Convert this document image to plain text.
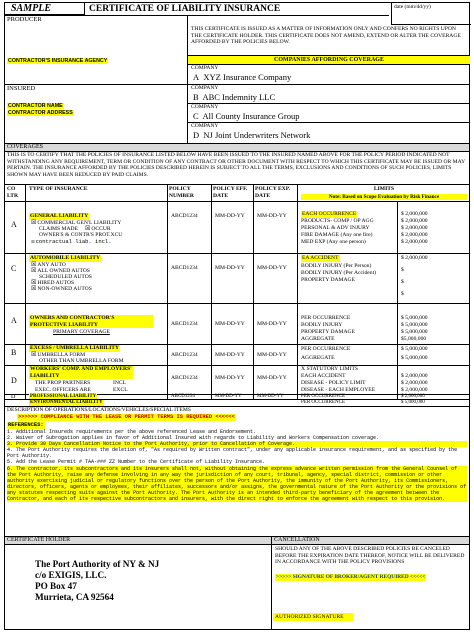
SAMPLE	CERTIFICATE OF LIABILITY INSURANCE	date (mm/dd/yy)
PRODUCER
CONTRACTOR'S INSURANCE AGENCY
THIS CERTIFICATE IS ISSUED AS A MATTER OF INFORMATION ONLY AND CONFERS NO RIGHTS UPON THE CERTIFICATE HOLDER. THIS CERTIFICATE DOES NOT AMEND, EXTEND OR ALTER THE COVERAGE AFFORDED BY THE POLICIES BELOW.
COMPANIES AFFORDING COVERAGE
COMPANY
A XYZ Insurance Company
INSURED
CONTRACTOR NAME
CONTRACTOR ADDRESS
COMPANY
B ABC Indemnity LLC
COMPANY
C All County Insurance Group
COMPANY
D NJ Joint Underwriters Network
COVERAGES
THIS IS TO CERTIFY THAT THE POLICIES OF INSURANCE LISTED BELOW HAVE BEEN ISSUED TO THE INSURED NAMED ABOVE FOR THE POLICY PERIOD INDICATED NOT WITHSTANDING ANY REQUIREMENT, TERM OR CONDITION OF ANY CONTRACT OR OTHER DOCUMENT WITH RESPECT TO WHICH THIS CERTIFICATE MAY BE ISSUED OR MAY PERTAIN. THE INSURANCE AFFORDED BY THE POLICIES DESCRIBED HEREIN IS SUBJECT TO ALL THE TERMS, EXCLUSIONS AND CONDITIONS OF SUCH POLICIES, LIMITS SHOWN MAY HAVE BEEN REDUCED BY PAID CLAIMS.
CO LTR
TYPE OF INSURANCE	POLICY NUMBER
POLICY EFF. DATE
POLICY EXP. DATE
LIMITS
Note: Based on Scope Evaluation by Risk Finance
A
GENERAL LIABILITY
☒ COMMERCIAL GEN'L LIABILITY
CLAIMS MADE
☒	OCCUR
OWNER'S & CONTR'S PROT.XCU
☒ contractual liab. incl.
ABCD1234	MM-DD-YY MM-DD-YY	EACH OCCURRENCE
PRODUCTS- COMP / OP AGG
PERSONAL & ADV INJURY
FIRE DAMAGE (Any one fire)
MED EXP (Any one person)
$ 2,000,000
$ 2,000,000
$ 2,000,000
$ 2,000,000
$ 2,000,000
C
AUTOMOBILE LIABILITY
☒ ANY AUTO
☒ ALL OWNED AUTOS
SCHEDULED AUTOS
☒ HIRED AUTOS
☒ NON-OWNED AUTOS
ABCD1234	MM-DD-YY MM-DD-YY
EA ACCIDENT
BODILY INJURY (Per Person)
BODILY INJURY (Per Accident)
PROPERTY DAMAGE
$ 2,000,000
$
$
$
A OWNERS AND CONTRACTOR'S PROTECTIVE LIABILITY
PRIMARY COVERAGE
ABCD1234	MM-DD-YY MM-DD-YY
PER OCCURRENCE
BODILY INJURY
PROPERTY DAMAGE
AGGREGATE
$ 5,000,000
$ 5,000,000
$ 5,000,000
$5,000,000
B EXCESS / UMBRELLA LIABILITY
☒ UMBRELLA FORM
OTHER THAN UMBRELLA FORM
ABCD1234	MM-DD-YY MM-DD-YY
PER OCCURRENCE
AGGREGATE
$ 5,000,000
$ 5,000,000
D
WORKERS' COMP. AND EMPLOYERS' LIABILITY
THE PROP PARTNERS	INCL
EXEC. OFFICERS ARE	EXCL
ABCD1234	MM-DD-YY MM-DD-YY
X STATUTORY LIMITS
EACH ACCIDENT
DISEASE - POLICY LIMIT
DISEASE - EACH EMPLOYEE
$ 2,000,000
$ 2,000,000
$ 2,000,000
D	PROFESSIONAL LIABILITY	ABCD1234	MM-DD-YY	MM-DD-YY	PER OCCURRENCE	$ 2,000,000
ENVIRONMENTAL LIABILITY	PER OCCURRENCE	$ 5,000,000
DESCRIPTION OF OPERATIONS/LOCATIONS/VEHICLES/SPECIAL ITEMS
>>>>>> COMPLIANCE WITH THE LEASE OR PERMIT TERMS IS REQUIRED <<<<<<
REFERENCES:

1. Additional Insureds requirements per the above referenced Lease and Endorsement.

2. Waiver of Subrogation applies in favor of Additional Insured with regards to Liability and Workers Compensation coverage.

3. Provide 30 Days Cancellation Notice to the Port Authority, prior to Cancellation of Coverage.

4. The Port Authority requires the deletion of, "As required by Written contract", under any applicable insurance requirement, and as specified by the Port Authority.

5. Add the Lease Permit # TAA-### ZZ Number to the Certificate of Liability Insurance.

6. The contractor, its subcontractors and its insurers shall not, without obtaining the express advance written permission from the General Counsel of the Port Authority, raise any defense involving in any way the jurisdiction of any court, tribunal, agency, special district, commission or other authority exercising judicial or regulatory functions over the person of the Port Authority, the immunity of the Port Authority, its Commissioners, directors, officers, agents or employees, their affiliates, successors and/or assigns, the governmental nature of the Port Authority or the provisions of any statutes respecting suits against the Port Authority. The Port Authority is an intended third-party beneficiary of the agreement between the Contractor, and each of its respective subcontractors and insurers, with the direct right to enforce the agreement with respect to this provision.

CERTIFICATE HOLDER	CANCELLATION
The Port Authority of NY & NJ
c/o EXIGIS, LLC.
PO Box 47
Murrieta, CA 92564
SHOULD ANY OF THE ABOVE DESCRIBED POLICIES BE CANCELED BEFORE THE EXPIRATION DATE THEREOF, NOTICE WILL BE DELIVERED IN ACCORDANCE WITH THE POLICY PROVISIONS
>>>>> SIGNATURE OF BROKER/AGENT REQUIRED <<<<<
AUTHORIZED SIGNATURE
